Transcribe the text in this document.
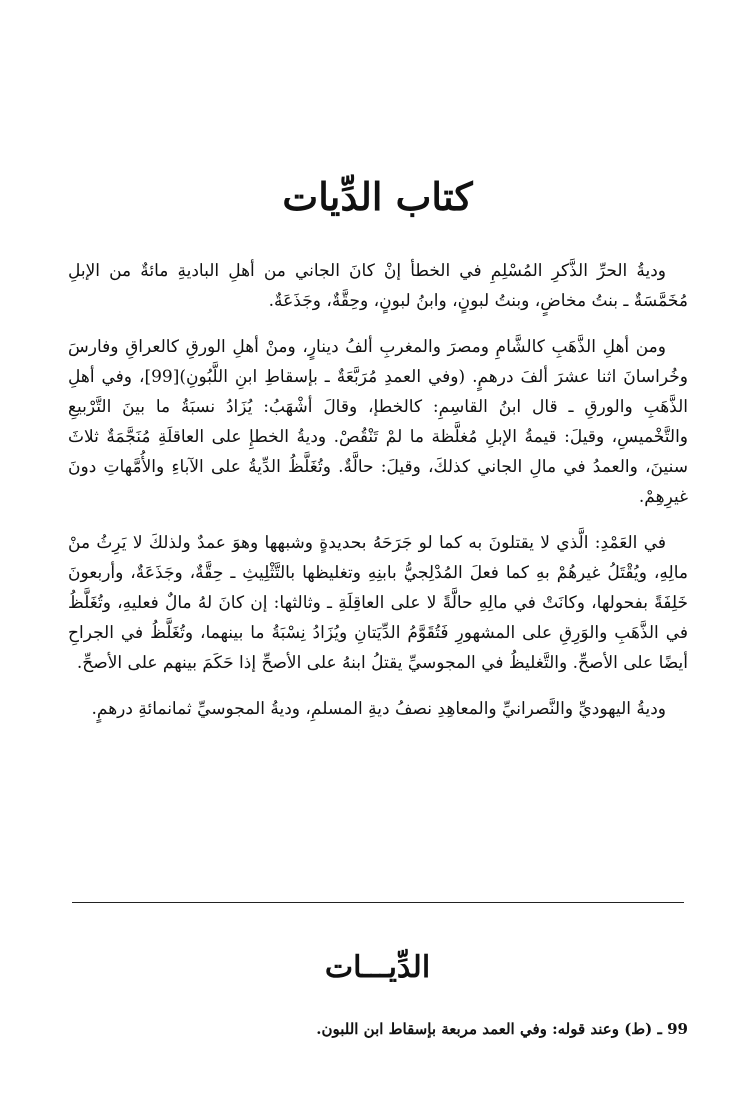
كتاب الدِّيات

وديةُ الحرِّ الذَّكرِ المُسْلِمِ في الخطأ إنْ كانَ الجاني من أهلِ الباديةِ مائةٌ من الإبلِ مُخَمَّسَةٌ ـ بنتُ مخاضٍ، وبنتُ لبونٍ، وابنُ لبونٍ، وحِقَّةٌ، وجَذَعَةٌ.

ومن أهلِ الذَّهَبِ كالشَّامِ ومصرَ والمغربِ ألفُ دينارٍ، ومنْ أهلِ الورقِ كالعراقِ وفارسَ وخُراسانَ اثنا عشرَ ألفَ درهمٍ. (وفي العمدِ مُرَبَّعَةٌ ـ بإسقاطِ ابنِ اللَّبُونِ)[99]، وفي أهلِ الذَّهَبِ والورقِ ـ قال ابنُ القاسِمِ: كالخطإ، وقالَ أشْهَبُ: يُزَادُ نسبَةُ ما بينَ التَّرْبيعِ والتَّخْميسِ، وقيلَ: قيمةُ الإبلِ مُغلَّظة ما لمْ تَنْقُصْ. وديةُ الخطإِ على العاقلَةِ مُنَجَّمَةٌ ثلاثَ سنينَ، والعمدُ في مالِ الجاني كذلكَ، وقيلَ: حالَّةٌ. وتُغَلَّظُ الدِّيةُ على الآباءِ والأُمَّهاتِ دونَ غيرِهِمْ.

في العَمْدِ: الَّذي لا يقتلونَ به كما لو جَرَحَهُ بحديدةٍ وشبهها وهوَ عمدٌ ولذلكَ لا يَرِثُ منْ مالِهِ، ويُقْتَلُ غيرهُمْ بهِ كما فعلَ المُدْلِجيُّ بابنِهِ وتغليظها بالتَّثْلِيثِ ـ حِقَّةٌ، وجَذَعَةٌ، وأربعونَ خَلِفَةً بفحولها، وكانَتْ في مالِهِ حالَّةً لا على العاقِلَةِ ـ وثالثها: إن كانَ لهُ مالٌ فعليهِ، وتُغَلَّظُ في الذَّهَبِ والوَرِقِ على المشهورِ فَتُقَوَّمُ الدِّيَتانِ ويُزَادُ نِسْبَةُ ما بينهما، وتُغَلَّظُ في الجراحِ أيضًا على الأصحِّ. والتَّغليظُ في المجوسيِّ يقتلُ ابنهُ على الأصحِّ إذا حَكَمَ بينهم على الأصحِّ.

وديةُ اليهوديِّ والنَّصرانيِّ والمعاهِدِ نصفُ ديةِ المسلمِ، وديةُ المجوسيِّ ثمانمائةِ درهمٍ.

الدِّيـــات
99 ـ (ط) وعند قوله: وفي العمد مربعة بإسقاط ابن اللبون.
